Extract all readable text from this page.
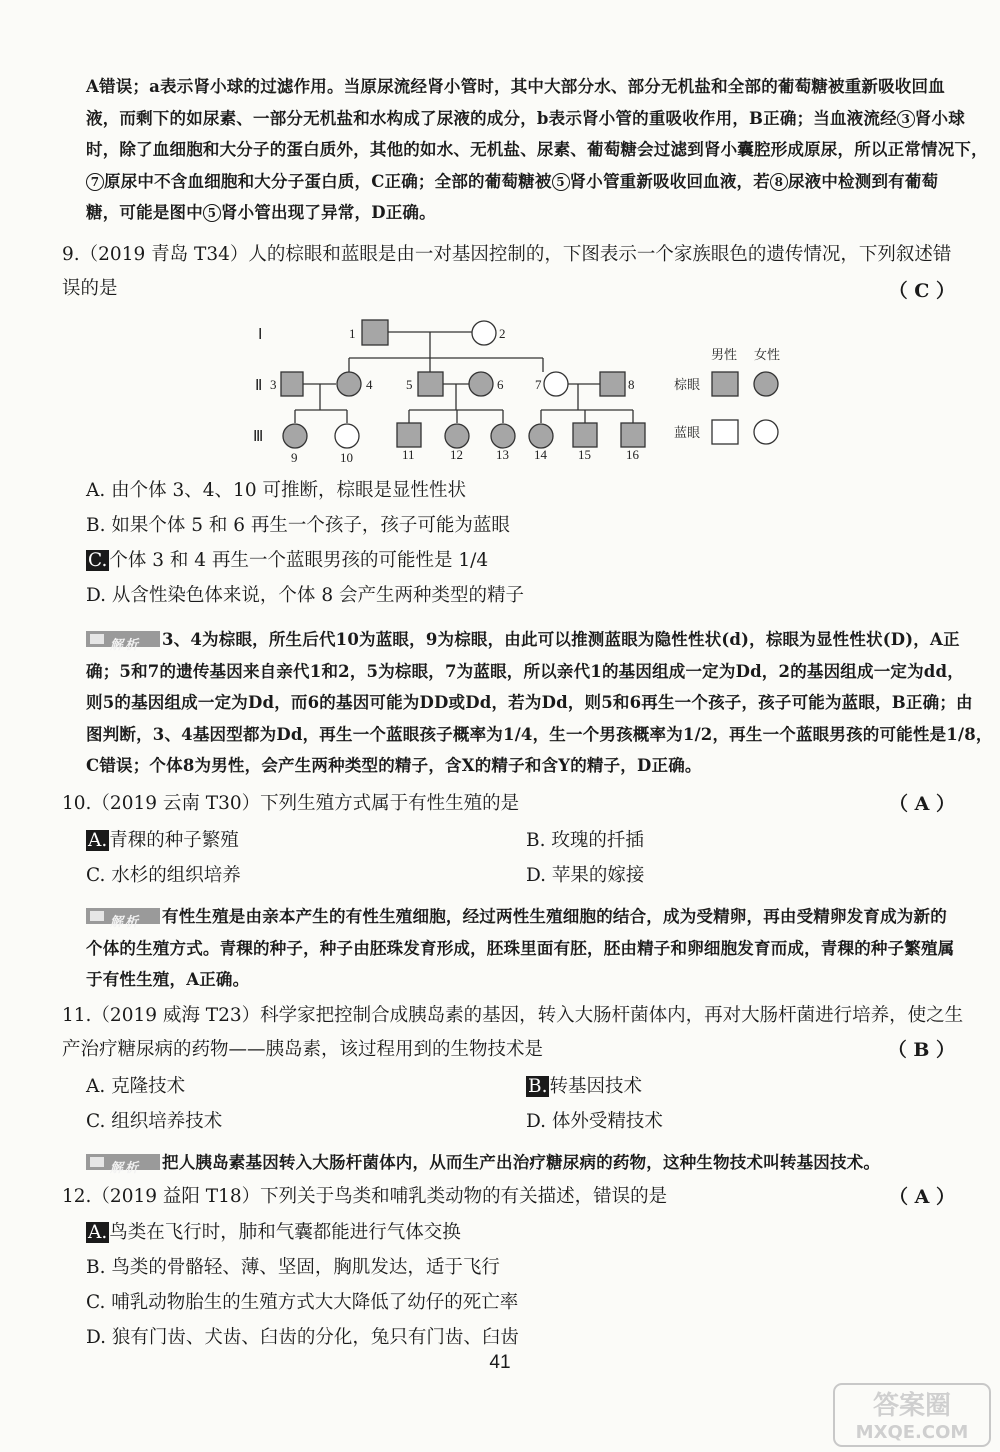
A错误；a表示肾小球的过滤作用。当原尿流经肾小管时，其中大部分水、部分无机盐和全部的葡萄糖被重新吸收回血
液，而剩下的如尿素、一部分无机盐和水构成了尿液的成分，b表示肾小管的重吸收作用，B正确；当血液流经 3 肾小球
时，除了血细胞和大分子的蛋白质外，其他的如水、无机盐、尿素、葡萄糖会过滤到肾小囊腔形成原尿，所以正常情况下，
7 原尿中不含血细胞和大分子蛋白质，C正确；全部的葡萄糖被 5 肾小管重新吸收回血液，若 8 尿液中检测到有葡萄
糖，可能是图中 5 肾小管出现了异常，D正确。
9.（2019 青岛 T34）人的棕眼和蓝眼是由一对基因控制的，下图表示一个家族眼色的遗传情况，下列叙述错
误的是	（ C ）
Ⅰ
Ⅱ
Ⅲ
1	2
3	4	5	6 7	8
9	10	11	12	13 14 15	16
男性 女性
棕眼
蓝眼
A. 由个体 3、4、10 可推断，棕眼是显性性状
B. 如果个体 5 和 6 再生一个孩子，孩子可能为蓝眼
C. 个体 3 和 4 再生一个蓝眼男孩的可能性是 1/4
D. 从含性染色体来说，个体 8 会产生两种类型的精子
解析 3、4为棕眼，所生后代10为蓝眼，9为棕眼，由此可以推测蓝眼为隐性性状(d)，棕眼为显性性状(D)，A正
确；5和7的遗传基因来自亲代1和2，5为棕眼，7为蓝眼，所以亲代1的基因组成一定为Dd，2的基因组成一定为dd，
则5的基因组成一定为Dd，而6的基因可能为DD或Dd，若为Dd，则5和6再生一个孩子，孩子可能为蓝眼，B正确；由
图判断，3、4基因型都为Dd，再生一个蓝眼孩子概率为1/4，生一个男孩概率为1/2，再生一个蓝眼男孩的可能性是1/8，
C错误；个体8为男性，会产生两种类型的精子，含X的精子和含Y的精子，D正确。
10.（2019 云南 T30）下列生殖方式属于有性生殖的是	（ A ）
A. 青稞的种子繁殖	B. 玫瑰的扦插
C. 水杉的组织培养	D. 苹果的嫁接
解析 有性生殖是由亲本产生的有性生殖细胞，经过两性生殖细胞的结合，成为受精卵，再由受精卵发育成为新的
个体的生殖方式。青稞的种子，种子由胚珠发育形成，胚珠里面有胚，胚由精子和卵细胞发育而成，青稞的种子繁殖属
于有性生殖，A正确。
11.（2019 威海 T23）科学家把控制合成胰岛素的基因，转入大肠杆菌体内，再对大肠杆菌进行培养，使之生
产治疗糖尿病的药物——胰岛素，该过程用到的生物技术是	（ B ）
A. 克隆技术	B. 转基因技术
C. 组织培养技术	D. 体外受精技术
解析 把人胰岛素基因转入大肠杆菌体内，从而生产出治疗糖尿病的药物，这种生物技术叫转基因技术。
12.（2019 益阳 T18）下列关于鸟类和哺乳类动物的有关描述，错误的是	（ A ）
A. 鸟类在飞行时，肺和气囊都能进行气体交换
B. 鸟类的骨骼轻、薄、坚固，胸肌发达，适于飞行
C. 哺乳动物胎生的生殖方式大大降低了幼仔的死亡率
D. 狼有门齿、犬齿、臼齿的分化，兔只有门齿、臼齿
41
答案圈
MXQE.COM
